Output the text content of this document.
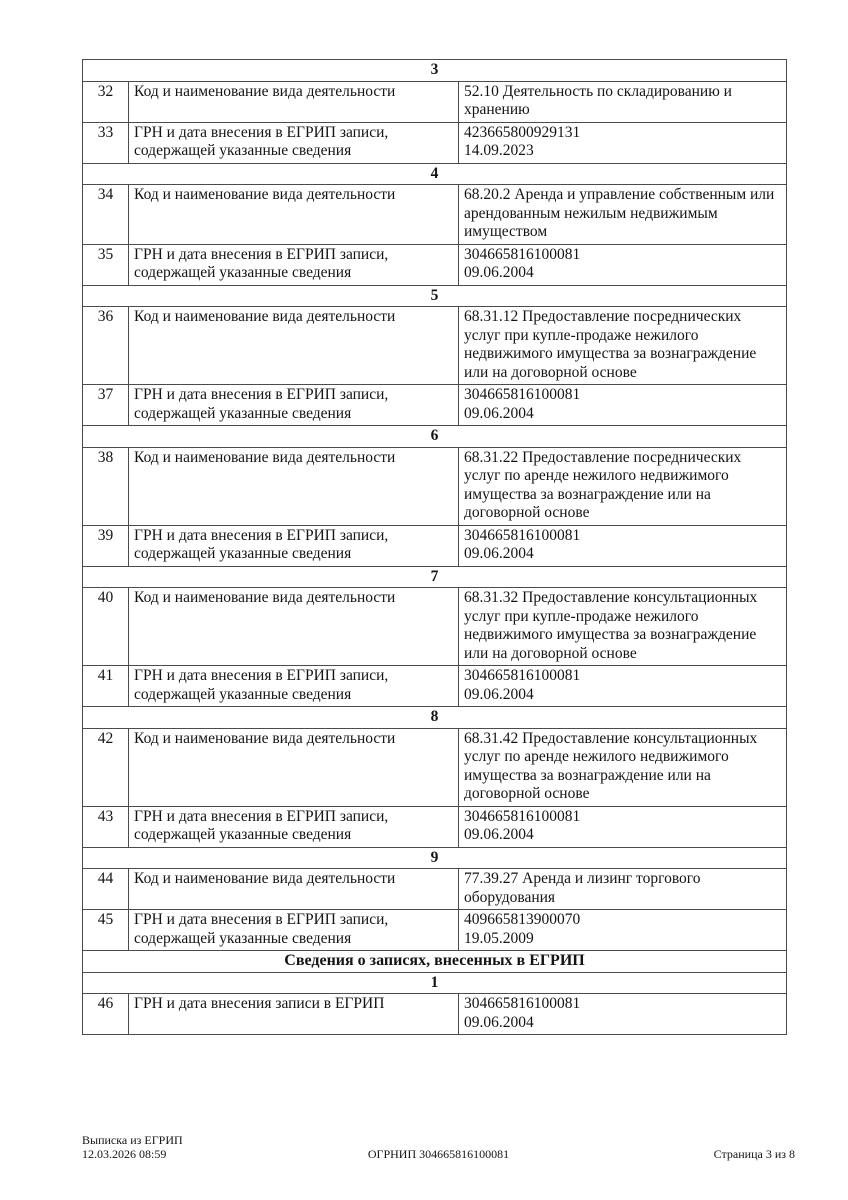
3		
32	Код и наименование вида деятельности	52.10 Деятельность по складированию и хранению

33	ГРН и дата внесения в ЕГРИП записи, содержащей указанные сведения	423665800929131
14.09.2023

4		
34	Код и наименование вида деятельности	68.20.2 Аренда и управление собственным или арендованным нежилым недвижимым имуществом

35	ГРН и дата внесения в ЕГРИП записи, содержащей указанные сведения	304665816100081
09.06.2004

5		
36	Код и наименование вида деятельности	68.31.12 Предоставление посреднических услуг при купле-продаже нежилого недвижимого имущества за вознаграждение или на договорной основе

37	ГРН и дата внесения в ЕГРИП записи, содержащей указанные сведения	304665816100081
09.06.2004

6		
38	Код и наименование вида деятельности	68.31.22 Предоставление посреднических услуг по аренде нежилого недвижимого имущества за вознаграждение или на договорной основе

39	ГРН и дата внесения в ЕГРИП записи, содержащей указанные сведения	304665816100081
09.06.2004

7		
40	Код и наименование вида деятельности	68.31.32 Предоставление консультационных услуг при купле-продаже нежилого недвижимого имущества за вознаграждение или на договорной основе

41	ГРН и дата внесения в ЕГРИП записи, содержащей указанные сведения	304665816100081
09.06.2004

8		
42	Код и наименование вида деятельности	68.31.42 Предоставление консультационных услуг по аренде нежилого недвижимого имущества за вознаграждение или на договорной основе

43	ГРН и дата внесения в ЕГРИП записи, содержащей указанные сведения	304665816100081
09.06.2004

9		
44	Код и наименование вида деятельности	77.39.27 Аренда и лизинг торгового оборудования

45	ГРН и дата внесения в ЕГРИП записи, содержащей указанные сведения	409665813900070
19.05.2009

Сведения о записях, внесенных в ЕГРИП		
1		
46	ГРН и дата внесения записи в ЕГРИП	304665816100081
09.06.2004
Выписка из ЕГРИП
12.03.2026 08:59	ОГРНИП 304665816100081	Страница 3 из 8
